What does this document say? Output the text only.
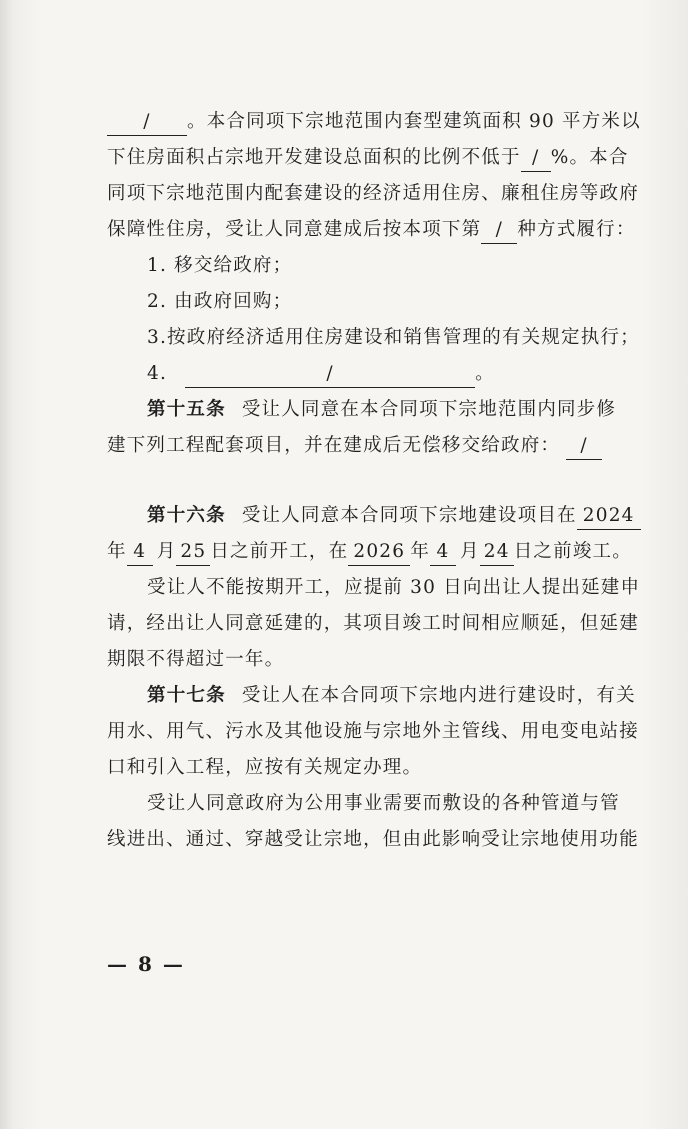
/ 。本合同项下宗地范围内套型建筑面积 90 平方米以
下住房面积占宗地开发建设总面积的比例不低于 / %。本合
同项下宗地范围内配套建设的经济适用住房、廉租住房等政府
保障性住房，受让人同意建成后按本项下第 / 种方式履行：
1. 移交给政府；
2. 由政府回购；
3.按政府经济适用住房建设和销售管理的有关规定执行；
4.	/	。
第十五条 受让人同意在本合同项下宗地范围内同步修
建下列工程配套项目，并在建成后无偿移交给政府： /
第十六条 受让人同意本合同项下宗地建设项目在 2024
年 4 月 25 日之前开工，在 2026 年 4 月 24 日之前竣工。
受让人不能按期开工，应提前 30 日向出让人提出延建申
请，经出让人同意延建的，其项目竣工时间相应顺延，但延建
期限不得超过一年。
第十七条 受让人在本合同项下宗地内进行建设时，有关
用水、用气、污水及其他设施与宗地外主管线、用电变电站接
口和引入工程，应按有关规定办理。
受让人同意政府为公用事业需要而敷设的各种管道与管
线进出、通过、穿越受让宗地，但由此影响受让宗地使用功能
— 8 —
